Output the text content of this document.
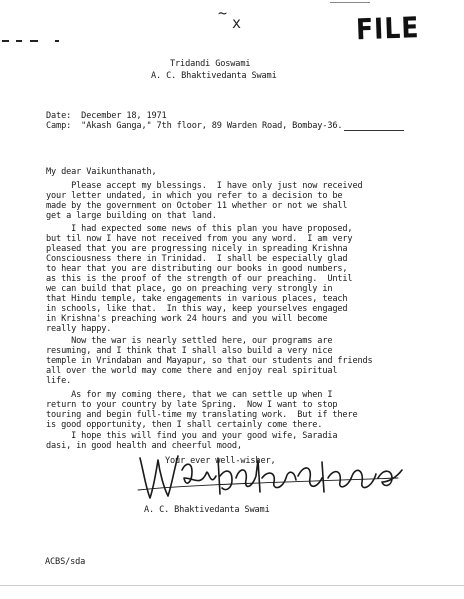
~
x	FILE
Tridandi Goswami
A. C. Bhaktivedanta Swami
Date:  December 18, 1971
Camp:  "Akash Ganga," 7th floor, 89 Warden Road, Bombay-36.
My dear Vaikunthanath,
Please accept my blessings.  I have only just now received
your letter undated, in which you refer to a decision to be
made by the government on October 11 whether or not we shall
get a large building on that land.
I had expected some news of this plan you have proposed,
but til now I have not received from you any word.  I am very
pleased that you are progressing nicely in spreading Krishna
Consciousness there in Trinidad.  I shall be especially glad
to hear that you are distributing our books in good numbers,
as this is the proof of the strength of our preaching.  Until
we can build that place, go on preaching very strongly in
that Hindu temple, take engagements in various places, teach
in schools, like that.  In this way, keep yourselves engaged
in Krishna's preaching work 24 hours and you will become
really happy.
Now the war is nearly settled here, our programs are
resuming, and I think that I shall also build a very nice
temple in Vrindaban and Mayapur, so that our students and friends
all over the world may come there and enjoy real spiritual
life.
As for my coming there, that we can settle up when I
return to your country by late Spring.  Now I want to stop
touring and begin full-time my translating work.  But if there
is good opportunity, then I shall certainly come there.
I hope this will find you and your good wife, Saradia
dasi, in good health and cheerful mood,
Your ever well-wisher,
A. C. Bhaktivedanta Swami
ACBS/sda
